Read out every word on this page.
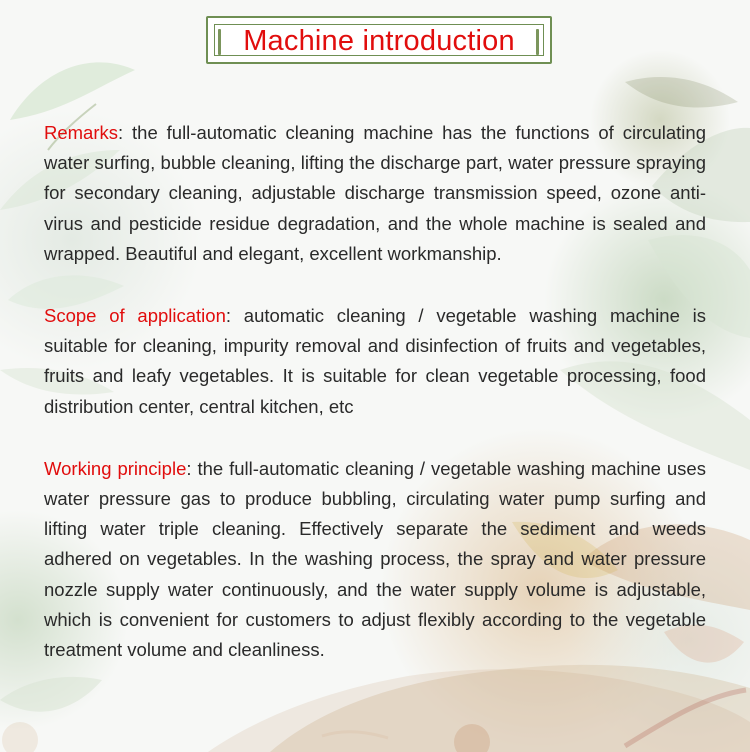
Machine introduction

Remarks: the full-automatic cleaning machine has the functions of circulating water surfing, bubble cleaning, lifting the discharge part, water pressure spraying for secondary cleaning, adjustable discharge transmission speed, ozone anti-virus and pesticide residue degradation, and the whole machine is sealed and wrapped. Beautiful and elegant, excellent workmanship.

Scope of application: automatic cleaning / vegetable washing machine is suitable for cleaning, impurity removal and disinfection of fruits and vegetables, fruits and leafy vegetables. It is suitable for clean vegetable processing, food distribution center, central kitchen, etc

Working principle: the full-automatic cleaning / vegetable washing machine uses water pressure gas to produce bubbling, circulating water pump surfing and lifting water triple cleaning. Effectively separate the sediment and weeds adhered on vegetables. In the washing process, the spray and water pressure nozzle supply water continuously, and the water supply volume is adjustable, which is convenient for customers to adjust flexibly according to the vegetable treatment volume and cleanliness.
